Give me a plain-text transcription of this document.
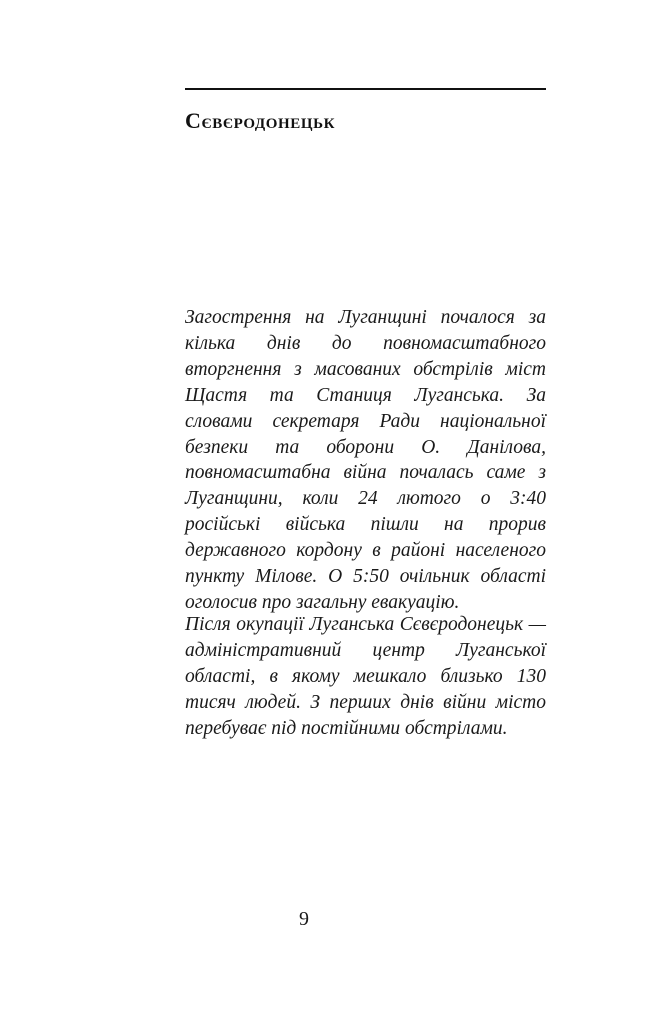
Сєвєродонецьк

Загострення на Луганщині почалося за кілька днів до повномасштабного вторгнення з масованих обстрілів міст Щастя та Станиця Луганська. За словами секретаря Ради національної безпеки та оборони О. Данілова, повномасштабна війна почалась саме з Луганщини, коли 24 лютого о 3:40 російські війська пішли на прорив державного кордону в районі населеного пункту Мілове. О 5:50 очільник області оголосив про загальну евакуацію.

Після окупації Луганська Сєвєродонецьк — адміністративний центр Луганської області, в якому мешкало близько 130 тисяч людей. З перших днів війни місто перебуває під постійними обстрілами.

9
